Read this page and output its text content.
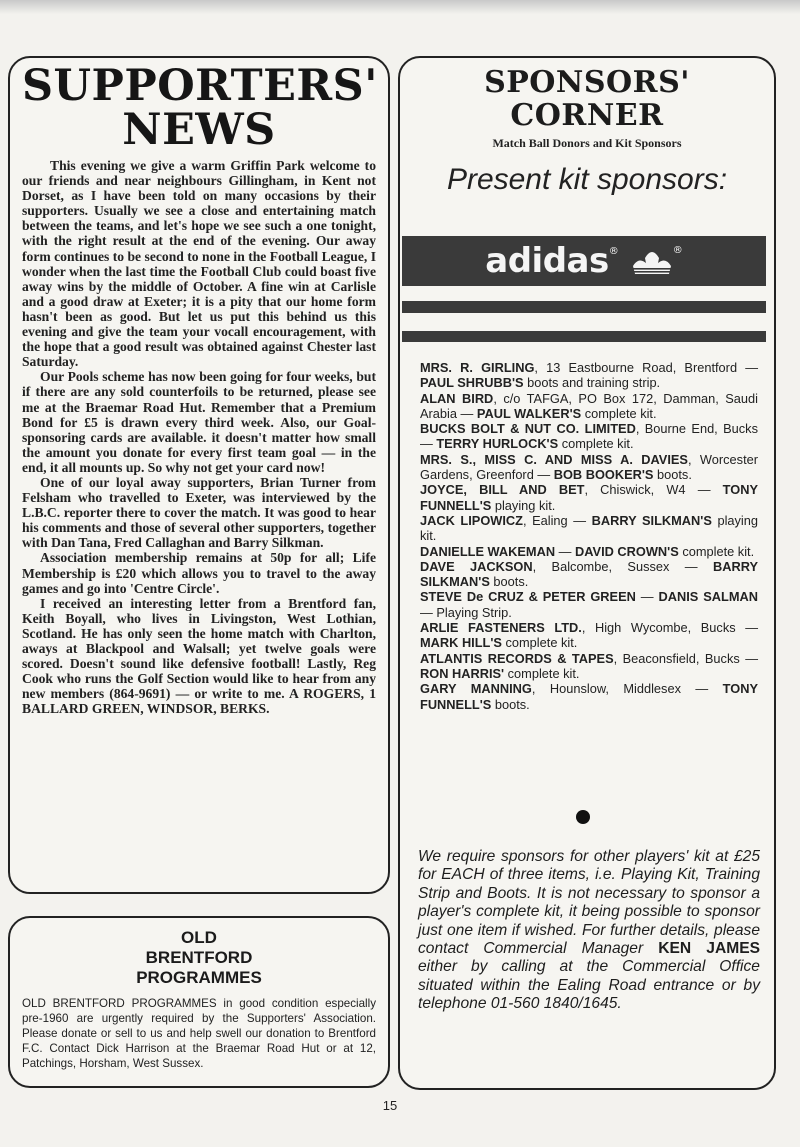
SUPPORTERS'
NEWS

This evening we give a warm Griffin Park welcome to our friends and near neighbours Gillingham, in Kent not Dorset, as I have been told on many occasions by their supporters. Usually we see a close and entertaining match between the teams, and let's hope we see such a one tonight, with the right result at the end of the evening. Our away form continues to be second to none in the Football League, I wonder when the last time the Football Club could boast five away wins by the middle of October. A fine win at Carlisle and a good draw at Exeter; it is a pity that our home form hasn't been as good. But let us put this behind us this evening and give the team your vocall encouragement, with the hope that a good result was obtained against Chester last Saturday.

Our Pools scheme has now been going for four weeks, but if there are any sold counterfoils to be returned, please see me at the Braemar Road Hut. Remember that a Premium Bond for £5 is drawn every third week. Also, our Goal-sponsoring cards are available. it doesn't matter how small the amount you donate for every first team goal — in the end, it all mounts up. So why not get your card now!

One of our loyal away supporters, Brian Turner from Felsham who travelled to Exeter, was interviewed by the L.B.C. reporter there to cover the match. It was good to hear his comments and those of several other supporters, together with Dan Tana, Fred Callaghan and Barry Silkman.

Association membership remains at 50p for all; Life Membership is £20 which allows you to travel to the away games and go into 'Centre Circle'.

I received an interesting letter from a Brentford fan, Keith Boyall, who lives in Livingston, West Lothian, Scotland. He has only seen the home match with Charlton, aways at Blackpool and Walsall; yet twelve goals were scored. Doesn't sound like defensive football! Lastly, Reg Cook who runs the Golf Section would like to hear from any new members (864-9691) — or write to me. A ROGERS, 1 BALLARD GREEN, WINDSOR, BERKS.

OLD
BRENTFORD
PROGRAMMES

OLD BRENTFORD PROGRAMMES in good condition especially pre-1960 are urgently required by the Supporters' Association. Please donate or sell to us and help swell our donation to Brentford F.C. Contact Dick Harrison at the Braemar Road Hut or at 12, Patchings, Horsham, West Sussex.

SPONSORS'
CORNER
Match Ball Donors and Kit Sponsors
Present kit sponsors:
adidas ®	®

MRS. R. GIRLING, 13 Eastbourne Road, Brentford — PAUL SHRUBB'S boots and training strip.

ALAN BIRD, c/o TAFGA, PO Box 172, Damman, Saudi Arabia — PAUL WALKER'S complete kit.

BUCKS BOLT & NUT CO. LIMITED, Bourne End, Bucks — TERRY HURLOCK'S complete kit.

MRS. S., MISS C. AND MISS A. DAVIES, Worcester Gardens, Greenford — BOB BOOKER'S boots.

JOYCE, BILL AND BET, Chiswick, W4 — TONY FUNNELL'S playing kit.

JACK LIPOWICZ, Ealing — BARRY SILKMAN'S playing kit.

DANIELLE WAKEMAN — DAVID CROWN'S complete kit.

DAVE JACKSON, Balcombe, Sussex — BARRY SILKMAN'S boots.

STEVE De CRUZ & PETER GREEN — DANIS SALMAN — Playing Strip.

ARLIE FASTENERS LTD., High Wycombe, Bucks — MARK HILL'S complete kit.

ATLANTIS RECORDS & TAPES, Beaconsfield, Bucks — RON HARRIS' complete kit.

GARY MANNING, Hounslow, Middlesex — TONY FUNNELL'S boots.

We require sponsors for other players' kit at £25 for EACH of three items, i.e. Playing Kit, Training Strip and Boots. It is not necessary to sponsor a player's complete kit, it being possible to sponsor just one item if wished. For further details, please contact Commercial Manager KEN JAMES either by calling at the Commercial Office situated within the Ealing Road entrance or by telephone 01-560 1840/1645.

15
